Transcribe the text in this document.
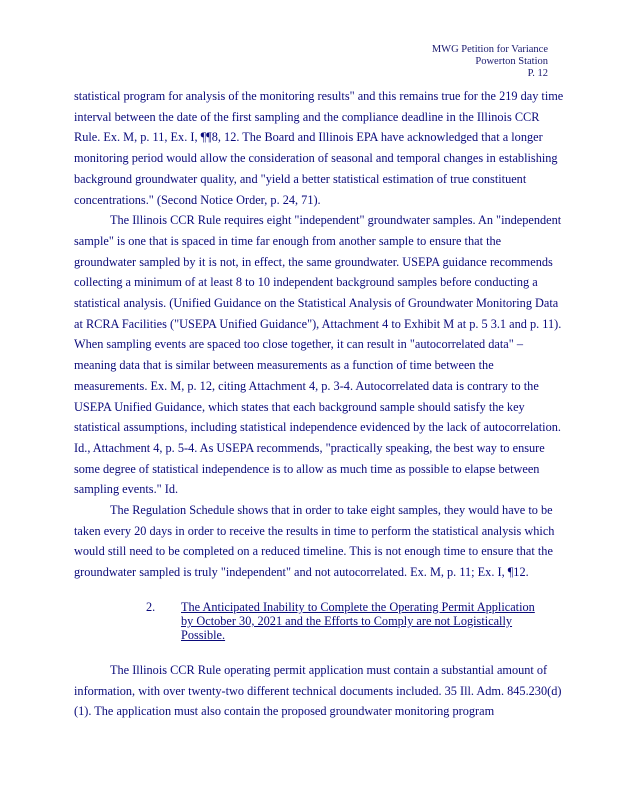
MWG Petition for Variance
Powerton Station
P. 12

statistical program for analysis of the monitoring results" and this remains true for the 219 day time interval between the date of the first sampling and the compliance deadline in the Illinois CCR Rule. Ex. M, p. 11, Ex. I, ¶¶8, 12. The Board and Illinois EPA have acknowledged that a longer monitoring period would allow the consideration of seasonal and temporal changes in establishing background groundwater quality, and "yield a better statistical estimation of true constituent concentrations." (Second Notice Order, p. 24, 71).

The Illinois CCR Rule requires eight "independent" groundwater samples. An "independent sample" is one that is spaced in time far enough from another sample to ensure that the groundwater sampled by it is not, in effect, the same groundwater. USEPA guidance recommends collecting a minimum of at least 8 to 10 independent background samples before conducting a statistical analysis. (Unified Guidance on the Statistical Analysis of Groundwater Monitoring Data at RCRA Facilities ("USEPA Unified Guidance"), Attachment 4 to Exhibit M at p. 5 3.1 and p. 11). When sampling events are spaced too close together, it can result in "autocorrelated data" – meaning data that is similar between measurements as a function of time between the measurements. Ex. M, p. 12, citing Attachment 4, p. 3-4. Autocorrelated data is contrary to the USEPA Unified Guidance, which states that each background sample should satisfy the key statistical assumptions, including statistical independence evidenced by the lack of autocorrelation. Id., Attachment 4, p. 5-4. As USEPA recommends, "practically speaking, the best way to ensure some degree of statistical independence is to allow as much time as possible to elapse between sampling events." Id.

The Regulation Schedule shows that in order to take eight samples, they would have to be taken every 20 days in order to receive the results in time to perform the statistical analysis which would still need to be completed on a reduced timeline. This is not enough time to ensure that the groundwater sampled is truly "independent" and not autocorrelated. Ex. M, p. 11; Ex. I, ¶12.

2.	The Anticipated Inability to Complete the Operating Permit Application by October 30, 2021 and the Efforts to Comply are not Logistically Possible.

The Illinois CCR Rule operating permit application must contain a substantial amount of information, with over twenty-two different technical documents included. 35 Ill. Adm. 845.230(d)(1). The application must also contain the proposed groundwater monitoring program
